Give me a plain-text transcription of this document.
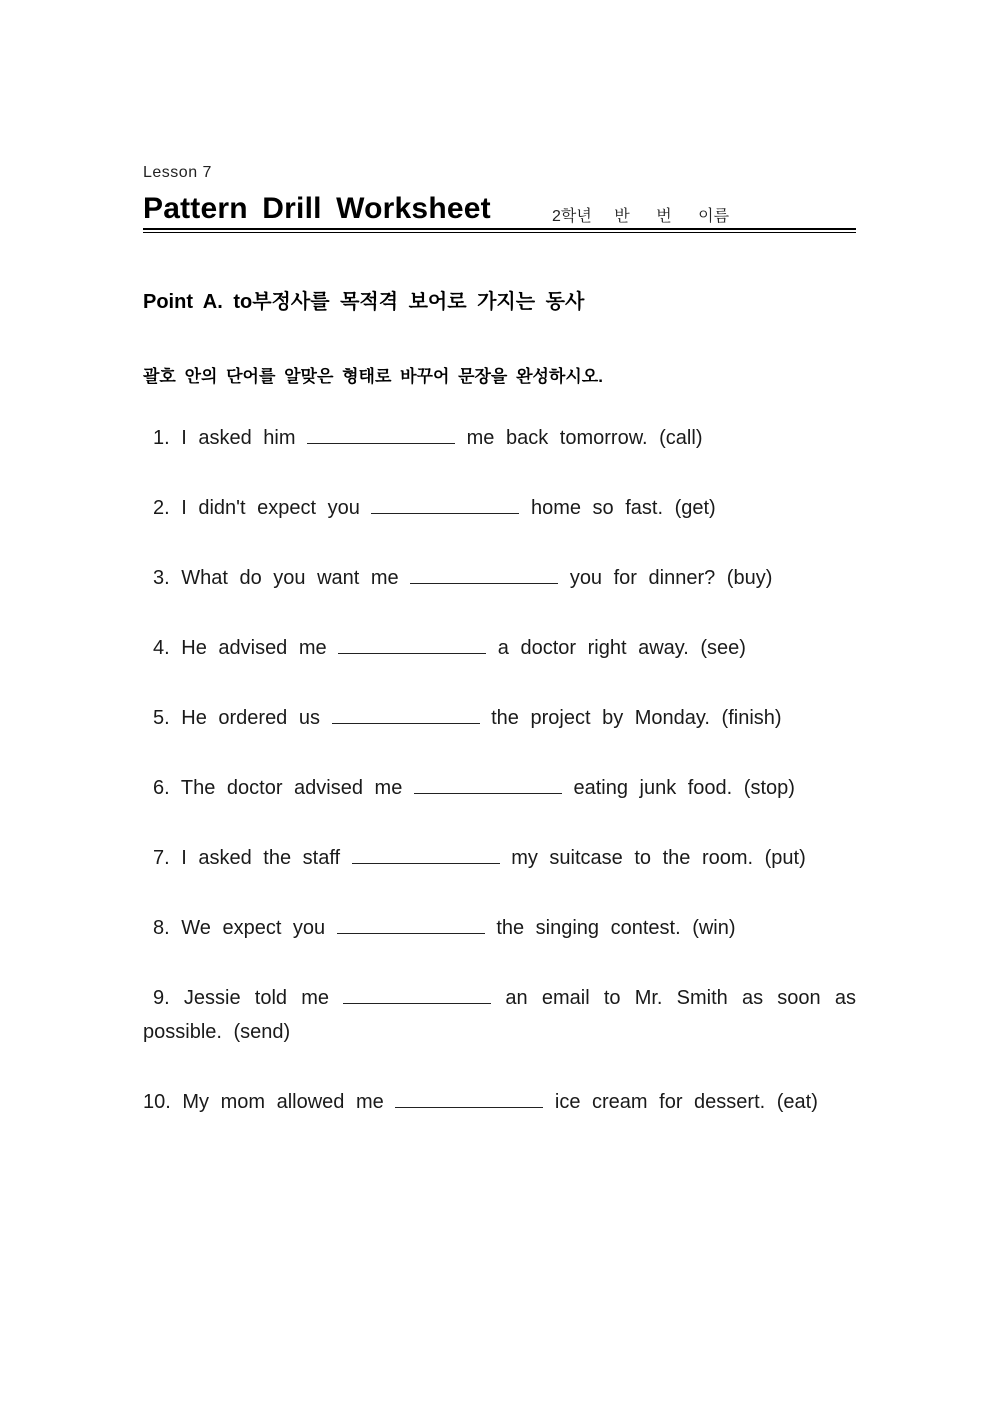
Lesson 7
Pattern Drill Worksheet	2학년 반 번 이름
Point A. to부정사를 목적격 보어로 가지는 동사
괄호 안의 단어를 알맞은 형태로 바꾸어 문장을 완성하시오.
1. I asked him	me back tomorrow. (call)
2. I didn't expect you	home so fast. (get)
3. What do you want me	you for dinner? (buy)
4. He advised me	a doctor right away. (see)
5. He ordered us	the project by Monday. (finish)
6. The doctor advised me	eating junk food. (stop)
7. I asked the staff	my suitcase to the room. (put)
8. We expect you	the singing contest. (win)
9. Jessie told me	an email to Mr. Smith as soon as possible. (send)
10. My mom allowed me	ice cream for dessert. (eat)
